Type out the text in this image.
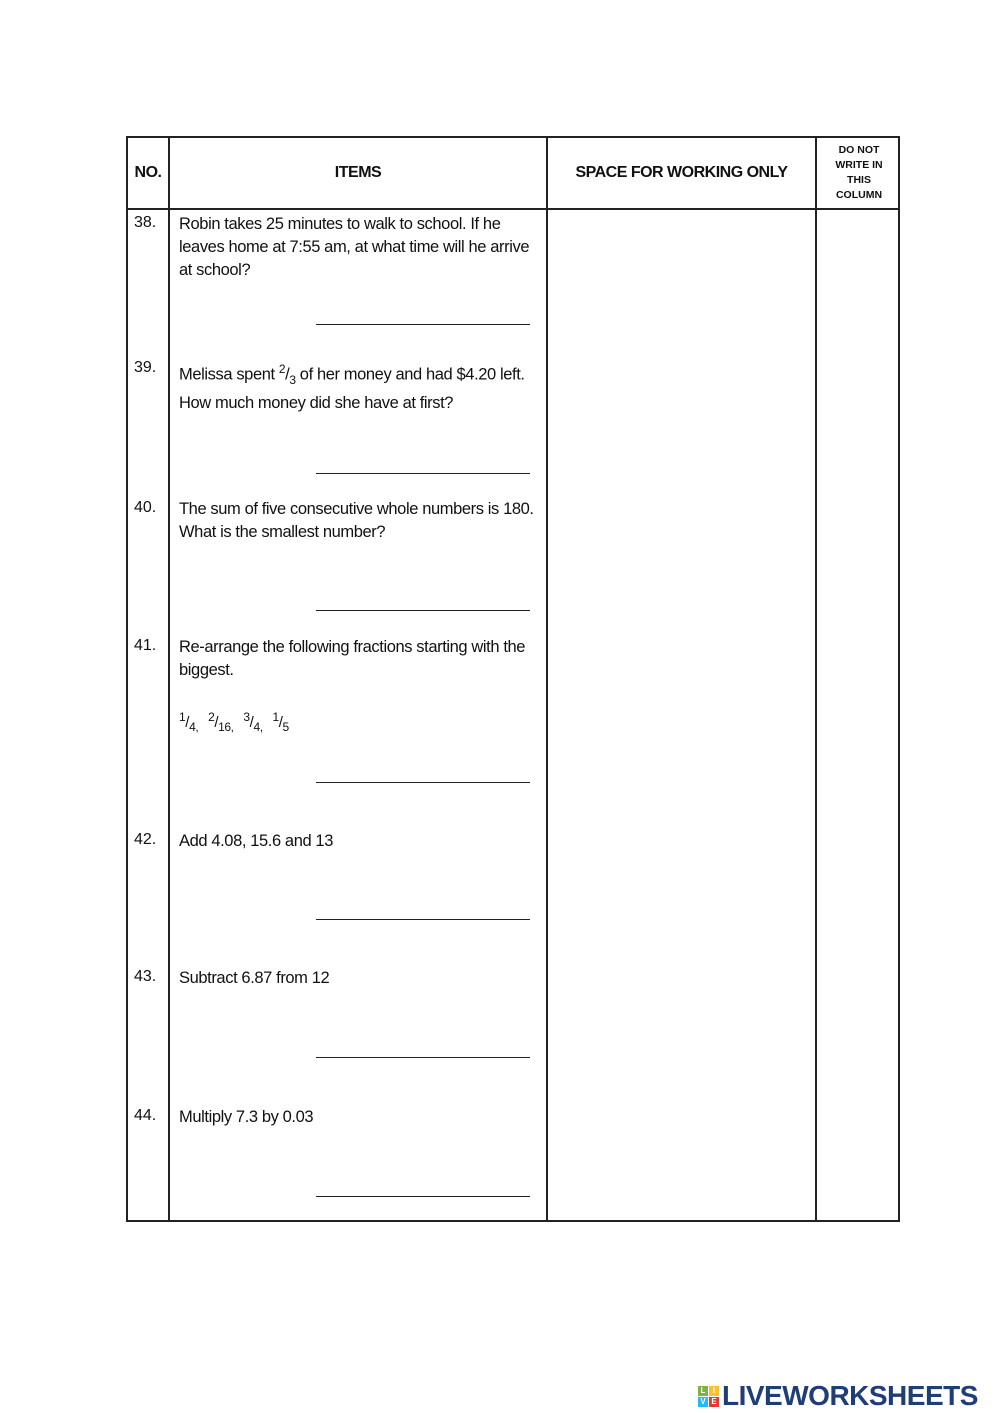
NO.	ITEMS	SPACE FOR WORKING ONLY
DO NOT WRITE IN THIS COLUMN
38. Robin takes 25 minutes to walk to school. If he leaves home at 7:55 am, at what time will he arrive at school?
39. Melissa spent $^2/_3$ of her money and had $4.20 left. How much money did she have at first?
40. The sum of five consecutive whole numbers is 180. What is the smallest number?
41. Re-arrange the following fractions starting with the biggest.
$^1/_{4,}$ $^2/_{16,}$ $^3/_{4,}$ $^1/_5$
42. Add 4.08, 15.6 and 13
43. Subtract 6.87 from 12
44. Multiply 7.3 by 0.03
L I
V E LIVEWORKSHEETS
